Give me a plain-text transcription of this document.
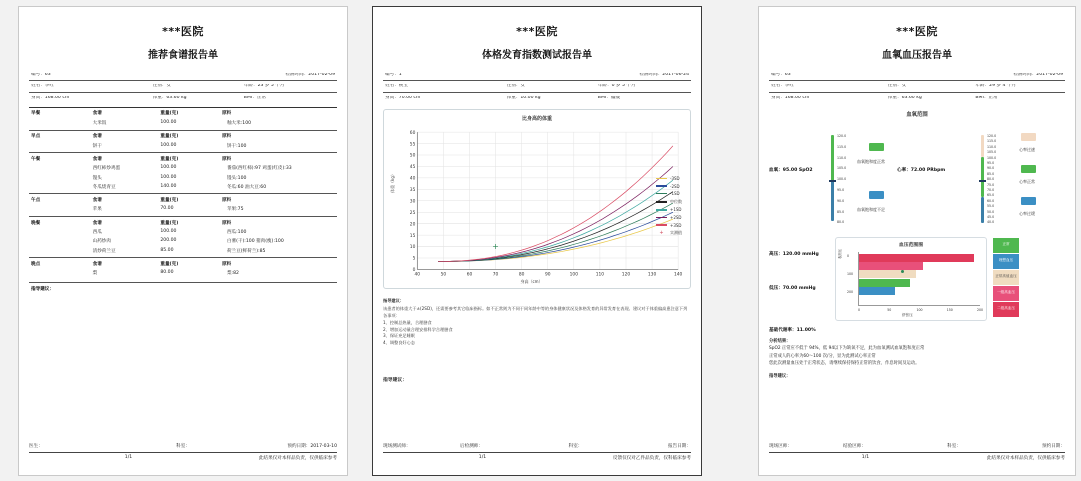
***医院
推荐食谱报告单
编号：63	检测时间：2017-02-09
姓名：李红	性别：女	年龄：23 岁 5 个月
身高：168.00 cm	体重：63.60 kg	BMI：正常
早餐	食谱	重量(克)	原料
大米饭	100.00	籼大米:100
早点	食谱	重量(克)	原料
饼干	100.00	饼干:100
午餐	食谱	重量(克)	原料
西红柿炒鸡蛋	100.00	番茄(西红柿):97 鸡蛋(红皮):33
馒头	100.00	馒头:100
冬瓜烧青豆	140.00	冬瓜:60 油大豆:60
午点	食谱	重量(克)	原料
苹果	70.00	苹果:75
晚餐	食谱	重量(克)	原料
西瓜	100.00	西瓜:100
山药炒肉	200.00	白薯(干):100 猪肉(瘦):100
清炒荷兰豆	85.00	荷兰豆(鲜荷兰):85
晚点	食谱	重量(克)	原料
梨	80.00	梨:82
指导建议：
医生：	科室：	预约日期：2017-03-10
1/1	此结果仅对本样品负责，仅供临床参考
***医院
体格发育指数测试报告单
编号：1	检测时间：2017-06-24
姓名：桃宝	性别：女	年龄：0 岁 5 个月
身高：70.00 cm	体重：10.00 kg	BMI：偏瘦
比身高的体重
40	50	60	70	80	90	100	110	120	130	140
0
5
10
15
20
25
30
35
40
45
50
55
60
+
体重（kg）
身高（cm）
-3SD
-2SD
-1SD
中位数
+1SD
+2SD
+3SD
+	实测值
指导建议：

该患者的体重大于±(2SD)，还需要参考其它临床指标。如不正常则为不同于同年龄中等的身体健康状况及体格发育的异常发育在表现。建议对于体重偏高患注意下列各事项：

1、控制总热量，合理膳食

2、增加运动量合理安排科学合理膳食

3、保证充足睡眠

4、调整良好心态

指导建议：
现场测试师：	后检测师：	科室：	报告日期：
1/1	反馈仅仅对乙件品负责，仅科临床参考
***医院
血氧血压报告单
编号：63	检测时间：2017-02-09
姓名：李红	性别：女	年龄：29 岁 4 个月
身高：168.00 cm	体重：63.60 kg	BMI：正常
血氧范围
血氧：95.00 SpO2	心率：72.00 PRbpm
120.0
115.0
110.0
105.0
100.0
95.0
90.0
85.0
80.0
血氧饱和度正常
血氧饱和度不足
120.0
115.0
110.0
105.0
100.0
95.0
90.0
85.0
80.0
75.0
70.0
65.0
60.0
55.0
50.0
45.0
40.0
心率过速
心率正常
心率过缓
高压：120.00 mmHg
低压：70.00 mmHg
血压范围图
0	50	100	150	200
0
100
200
收缩压
舒张压
正常
理想血压
正常高值血压
一级高血压
二级高血压
基础代谢率：11.00%
分析结果：
SpO2 正常应不低于 94%，低 94以下为缺氧不足，此为血氧测试血氧饱和度正常
正常成人的心率为60～100 次/分，显为此测试心率正常
您此次测量血压处于正常状态，请继续保持保持正常的饮食、作息时间及运动。
指导建议：
现场区师：	结验区师：	科室：	预约日期：
1/1	此结果仅对本样品负责，仅供临床参考
